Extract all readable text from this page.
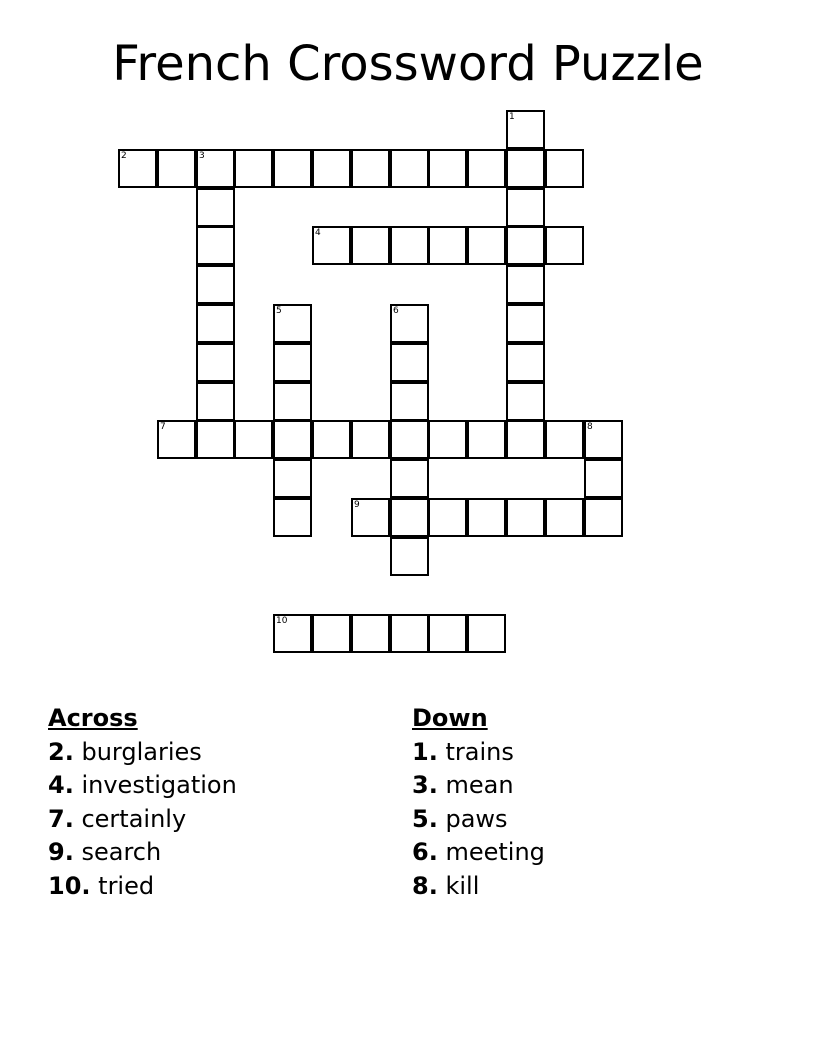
French Crossword Puzzle
1
2	3
4
5	6
7	8
9
10
Across
2. burglaries
4. investigation
7. certainly
9. search
10. tried
Down
1. trains
3. mean
5. paws
6. meeting
8. kill
